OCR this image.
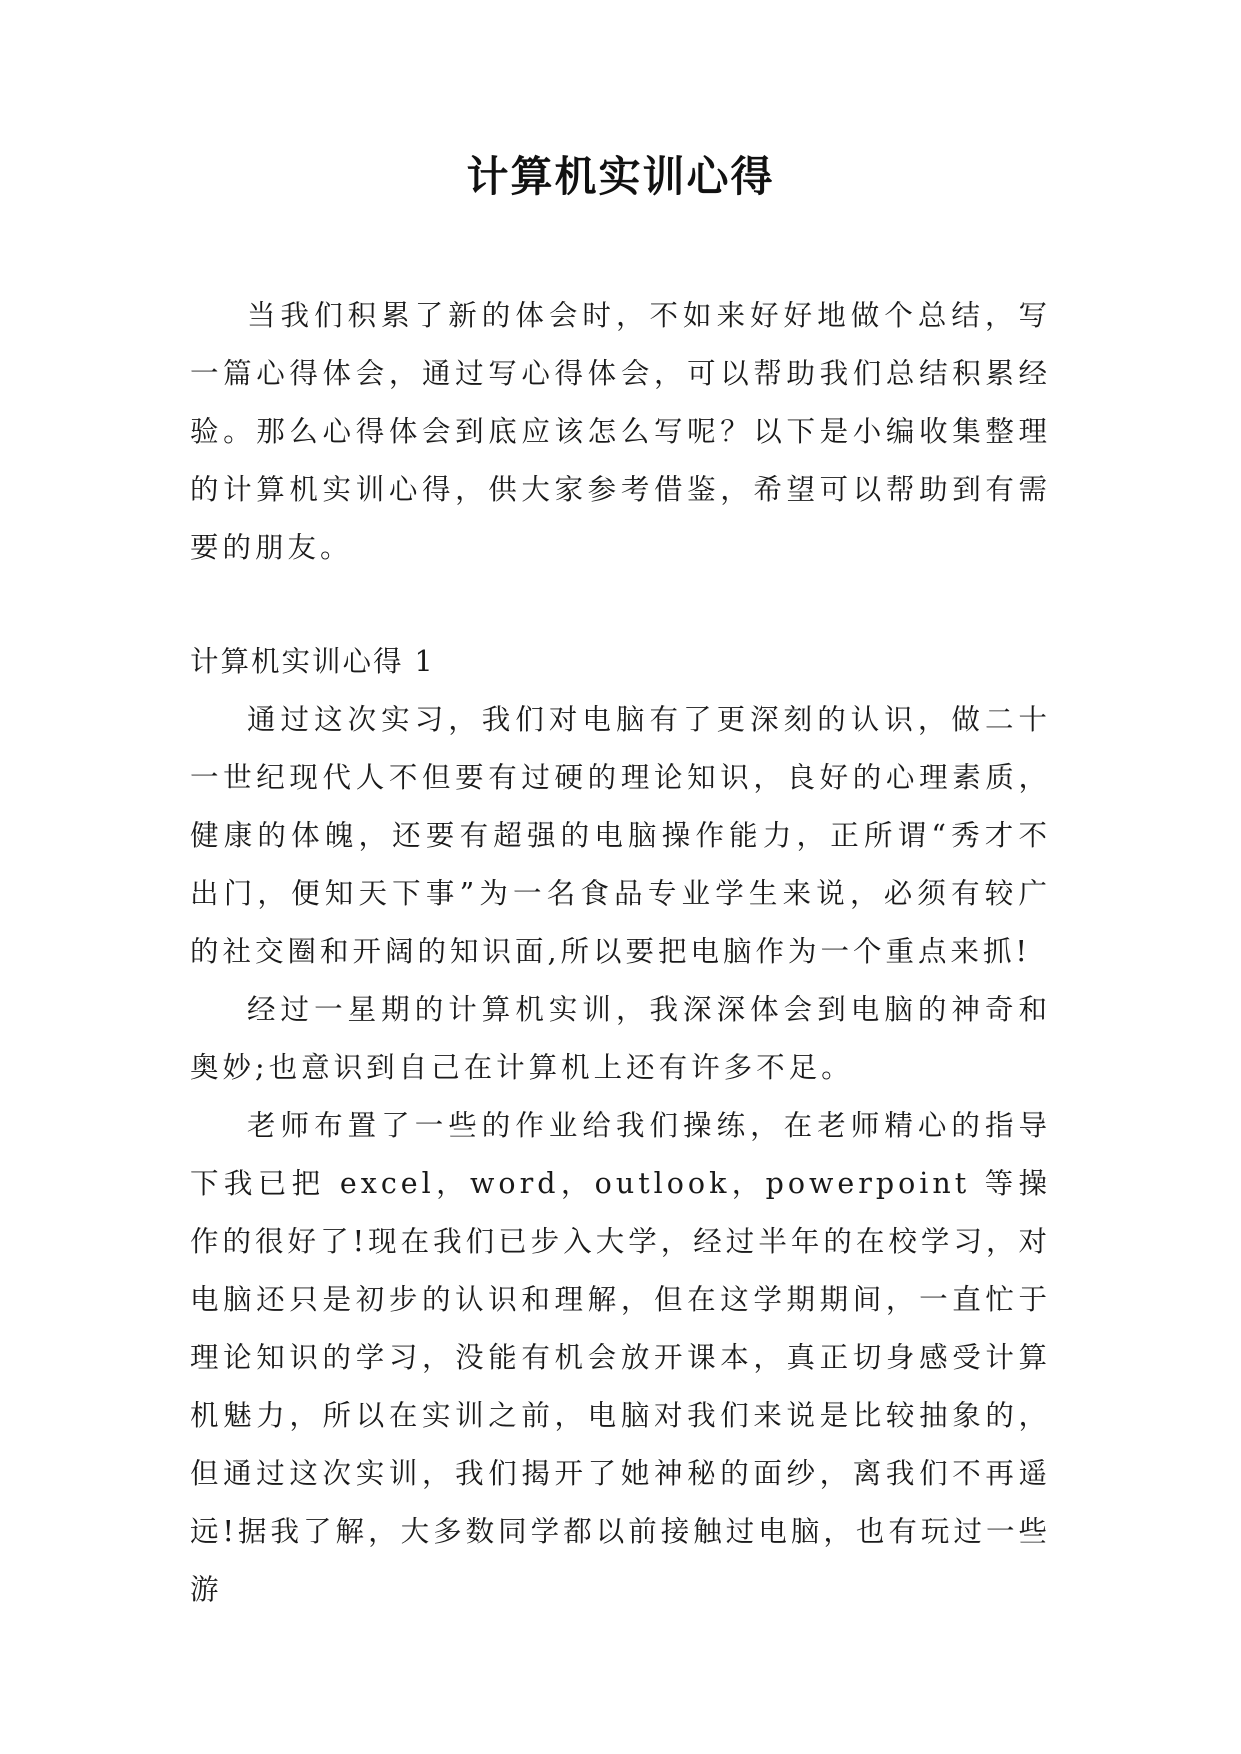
计算机实训心得

当我们积累了新的体会时，不如来好好地做个总结，写一篇心得体会，通过写心得体会，可以帮助我们总结积累经验。那么心得体会到底应该怎么写呢？以下是小编收集整理的计算机实训心得，供大家参考借鉴，希望可以帮助到有需要的朋友。

计算机实训心得 1

通过这次实习，我们对电脑有了更深刻的认识，做二十一世纪现代人不但要有过硬的理论知识，良好的心理素质，健康的体魄，还要有超强的电脑操作能力，正所谓“秀才不出门，便知天下事”为一名食品专业学生来说，必须有较广的社交圈和开阔的知识面,所以要把电脑作为一个重点来抓!

经过一星期的计算机实训，我深深体会到电脑的神奇和奥妙;也意识到自己在计算机上还有许多不足。

老师布置了一些的作业给我们操练，在老师精心的指导下我已把 excel，word，outlook，powerpoint 等操作的很好了!现在我们已步入大学，经过半年的在校学习，对电脑还只是初步的认识和理解，但在这学期期间，一直忙于理论知识的学习，没能有机会放开课本，真正切身感受计算机魅力，所以在实训之前，电脑对我们来说是比较抽象的，但通过这次实训，我们揭开了她神秘的面纱，离我们不再遥远!据我了解，大多数同学都以前接触过电脑，也有玩过一些游
